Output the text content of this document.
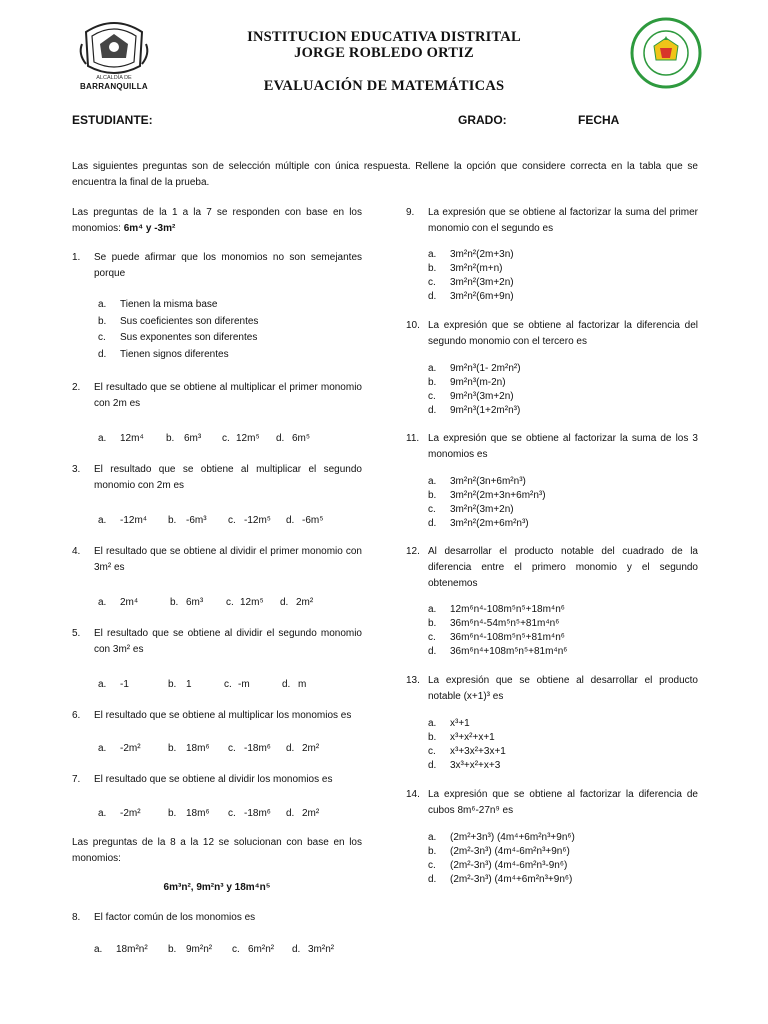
ALCALDÍA DE
BARRANQUILLA
INSTITUCION EDUCATIVA DISTRITAL
JORGE ROBLEDO ORTIZ
EVALUACIÓN DE MATEMÁTICAS
ESTUDIANTE:	GRADO:	FECHA
Las siguientes preguntas son de selección múltiple con única respuesta. Rellene la opción que considere correcta en la tabla que se encuentra la final de la prueba.
Las preguntas de la 1 a la 7 se responden con base en los monomios: 6m⁴ y -3m²
1. Se puede afirmar que los monomios no son semejantes porque
a. Tienen la misma base
b. Sus coeficientes son diferentes
c. Sus exponentes son diferentes
d. Tienen signos diferentes
2. El resultado que se obtiene al multiplicar el primer monomio con 2m es
a. 12m⁴ b. 6m³ c. 12m⁵ d. 6m⁵
3. El resultado que se obtiene al multiplicar el segundo monomio con 2m es
a. -12m⁴ b. -6m³ c. -12m⁵ d. -6m⁵
4. El resultado que se obtiene al dividir el primer monomio con 3m² es
a. 2m⁴	b. 6m³ c. 12m⁵ d. 2m²
5. El resultado que se obtiene al dividir el segundo monomio con 3m² es
a. -1	b. 1	c. -m	d. m
6. El resultado que se obtiene al multiplicar los monomios es
a. -2m²	b. 18m⁶ c. -18m⁶ d. 2m²
7. El resultado que se obtiene al dividir los monomios es
a. -2m²	b. 18m⁶ c. -18m⁶ d. 2m²
Las preguntas de la 8 a la 12 se solucionan con base en los monomios:
6m³n², 9m²n³ y 18m⁴n⁵
8. El factor común de los monomios es
a. 18m²n² b. 9m²n² c. 6m²n² d. 3m²n²
9. La expresión que se obtiene al factorizar la suma del primer monomio con el segundo es
a. 3m²n²(2m+3n)
b. 3m²n²(m+n)
c. 3m²n²(3m+2n)
d. 3m²n²(6m+9n)
10. La expresión que se obtiene al factorizar la diferencia del segundo monomio con el tercero es
a. 9m²n³(1- 2m²n²)
b. 9m²n³(m-2n)
c. 9m²n³(3m+2n)
d. 9m²n³(1+2m²n³)
11. La expresión que se obtiene al factorizar la suma de los 3 monomios es
a. 3m²n²(3n+6m²n³)
b. 3m²n²(2m+3n+6m²n³)
c. 3m²n²(3m+2n)
d. 3m²n²(2m+6m²n³)
12. Al desarrollar el producto notable del cuadrado de la diferencia entre el primero monomio y el segundo obtenemos
a. 12m⁶n⁴-108m⁵n⁵+18m⁴n⁶
b. 36m⁶n⁴-54m⁵n⁵+81m⁴n⁶
c. 36m⁶n⁴-108m⁵n⁵+81m⁴n⁶
d. 36m⁶n⁴+108m⁵n⁵+81m⁴n⁶
13. La expresión que se obtiene al desarrollar el producto notable (x+1)³ es
a. x³+1
b. x³+x²+x+1
c. x³+3x²+3x+1
d. 3x³+x²+x+3
14. La expresión que se obtiene al factorizar la diferencia de cubos 8m⁶-27n⁹ es
a. (2m²+3n³) (4m⁴+6m²n³+9n⁶)
b. (2m²-3n³) (4m⁴-6m²n³+9n⁶)
c. (2m²-3n³) (4m⁴-6m²n³-9n⁶)
d. (2m²-3n³) (4m⁴+6m²n³+9n⁶)
